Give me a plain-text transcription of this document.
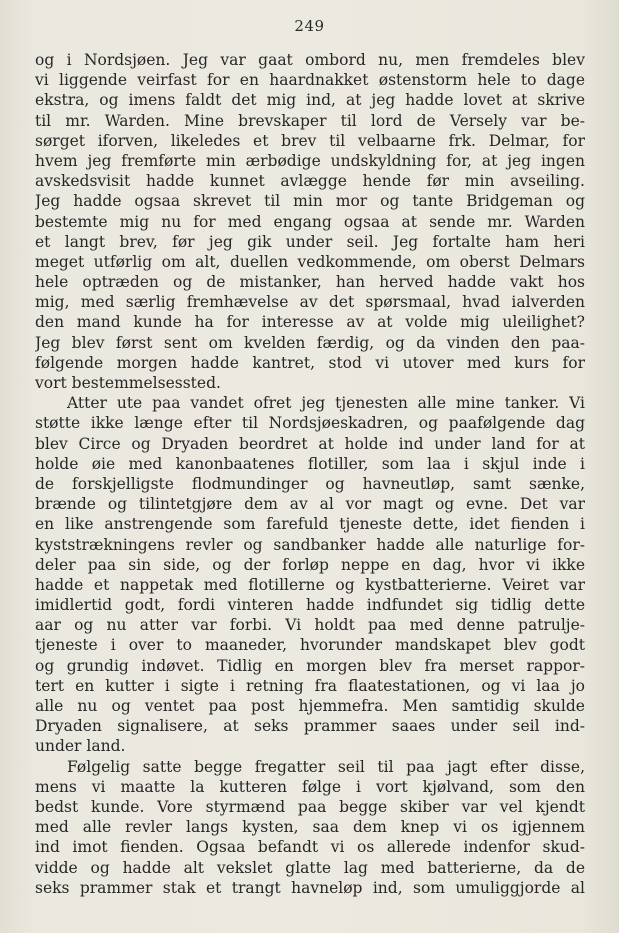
249
og i Nordsjøen. Jeg var gaat ombord nu, men fremdeles blev
vi liggende veirfast for en haardnakket østenstorm hele to dage
ekstra, og imens faldt det mig ind, at jeg hadde lovet at skrive
til mr. Warden. Mine brevskaper til lord de Versely var be-
sørget iforven, likeledes et brev til velbaarne frk. Delmar, for
hvem jeg fremførte min ærbødige undskyldning for, at jeg ingen
avskedsvisit hadde kunnet avlægge hende før min avseiling.
Jeg hadde ogsaa skrevet til min mor og tante Bridgeman og
bestemte mig nu for med engang ogsaa at sende mr. Warden
et langt brev, før jeg gik under seil. Jeg fortalte ham heri
meget utførlig om alt, duellen vedkommende, om oberst Delmars
hele optræden og de mistanker, han herved hadde vakt hos
mig, med særlig fremhævelse av det spørsmaal, hvad ialverden
den mand kunde ha for interesse av at volde mig uleilighet?
Jeg blev først sent om kvelden færdig, og da vinden den paa-
følgende morgen hadde kantret, stod vi utover med kurs for
vort bestemmelsessted.
Atter ute paa vandet ofret jeg tjenesten alle mine tanker. Vi
støtte ikke længe efter til Nordsjøeskadren, og paafølgende dag
blev Circe og Dryaden beordret at holde ind under land for at
holde øie med kanonbaatenes flotiller, som laa i skjul inde i
de forskjelligste flodmundinger og havneutløp, samt sænke,
brænde og tilintetgjøre dem av al vor magt og evne. Det var
en like anstrengende som farefuld tjeneste dette, idet fienden i
kyststrækningens revler og sandbanker hadde alle naturlige for-
deler paa sin side, og der forløp neppe en dag, hvor vi ikke
hadde et nappetak med flotillerne og kystbatterierne. Veiret var
imidlertid godt, fordi vinteren hadde indfundet sig tidlig dette
aar og nu atter var forbi. Vi holdt paa med denne patrulje-
tjeneste i over to maaneder, hvorunder mandskapet blev godt
og grundig indøvet. Tidlig en morgen blev fra merset rappor-
tert en kutter i sigte i retning fra flaatestationen, og vi laa jo
alle nu og ventet paa post hjemmefra. Men samtidig skulde
Dryaden signalisere, at seks prammer saaes under seil ind-
under land.
Følgelig satte begge fregatter seil til paa jagt efter disse,
mens vi maatte la kutteren følge i vort kjølvand, som den
bedst kunde. Vore styrmænd paa begge skiber var vel kjendt
med alle revler langs kysten, saa dem knep vi os igjennem
ind imot fienden. Ogsaa befandt vi os allerede indenfor skud-
vidde og hadde alt vekslet glatte lag med batterierne, da de
seks prammer stak et trangt havneløp ind, som umuliggjorde al
